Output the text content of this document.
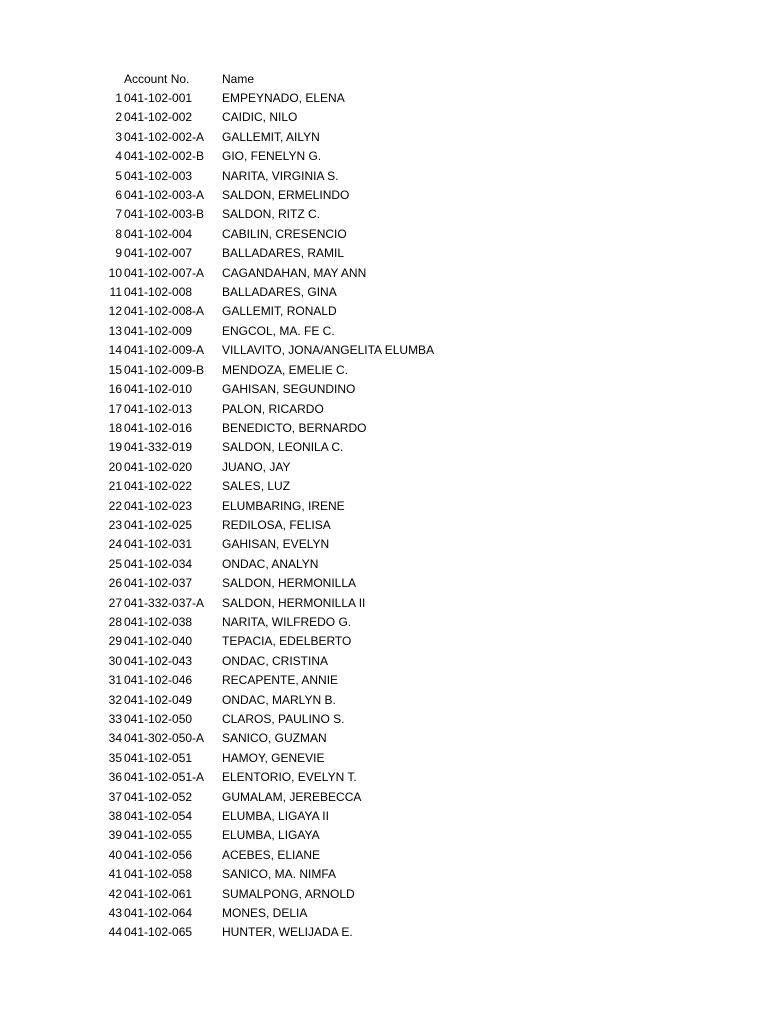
Account No.	Name
1 041-102-001 EMPEYNADO, ELENA
2 041-102-002 CAIDIC, NILO
3 041-102-002-A GALLEMIT, AILYN
4 041-102-002-B GIO, FENELYN G.
5 041-102-003 NARITA, VIRGINIA S.
6 041-102-003-A SALDON, ERMELINDO
7 041-102-003-B SALDON, RITZ C.
8 041-102-004 CABILIN, CRESENCIO
9 041-102-007 BALLADARES, RAMIL
10 041-102-007-A CAGANDAHAN, MAY ANN
11 041-102-008 BALLADARES, GINA
12 041-102-008-A GALLEMIT, RONALD
13 041-102-009 ENGCOL, MA. FE C.
14 041-102-009-A VILLAVITO, JONA/ANGELITA ELUMBA
15 041-102-009-B MENDOZA, EMELIE C.
16 041-102-010 GAHISAN, SEGUNDINO
17 041-102-013 PALON, RICARDO
18 041-102-016 BENEDICTO, BERNARDO
19 041-332-019 SALDON, LEONILA C.
20 041-102-020 JUANO, JAY
21 041-102-022 SALES, LUZ
22 041-102-023 ELUMBARING, IRENE
23 041-102-025 REDILOSA, FELISA
24 041-102-031 GAHISAN, EVELYN
25 041-102-034 ONDAC, ANALYN
26 041-102-037 SALDON, HERMONILLA
27 041-332-037-A SALDON, HERMONILLA II
28 041-102-038 NARITA, WILFREDO G.
29 041-102-040 TEPACIA, EDELBERTO
30 041-102-043 ONDAC, CRISTINA
31 041-102-046 RECAPENTE, ANNIE
32 041-102-049 ONDAC, MARLYN B.
33 041-102-050 CLAROS, PAULINO S.
34 041-302-050-A SANICO, GUZMAN
35 041-102-051 HAMOY, GENEVIE
36 041-102-051-A ELENTORIO, EVELYN T.
37 041-102-052 GUMALAM, JEREBECCA
38 041-102-054 ELUMBA, LIGAYA II
39 041-102-055 ELUMBA, LIGAYA
40 041-102-056 ACEBES, ELIANE
41 041-102-058 SANICO, MA. NIMFA
42 041-102-061 SUMALPONG, ARNOLD
43 041-102-064 MONES, DELIA
44 041-102-065 HUNTER, WELIJADA E.
